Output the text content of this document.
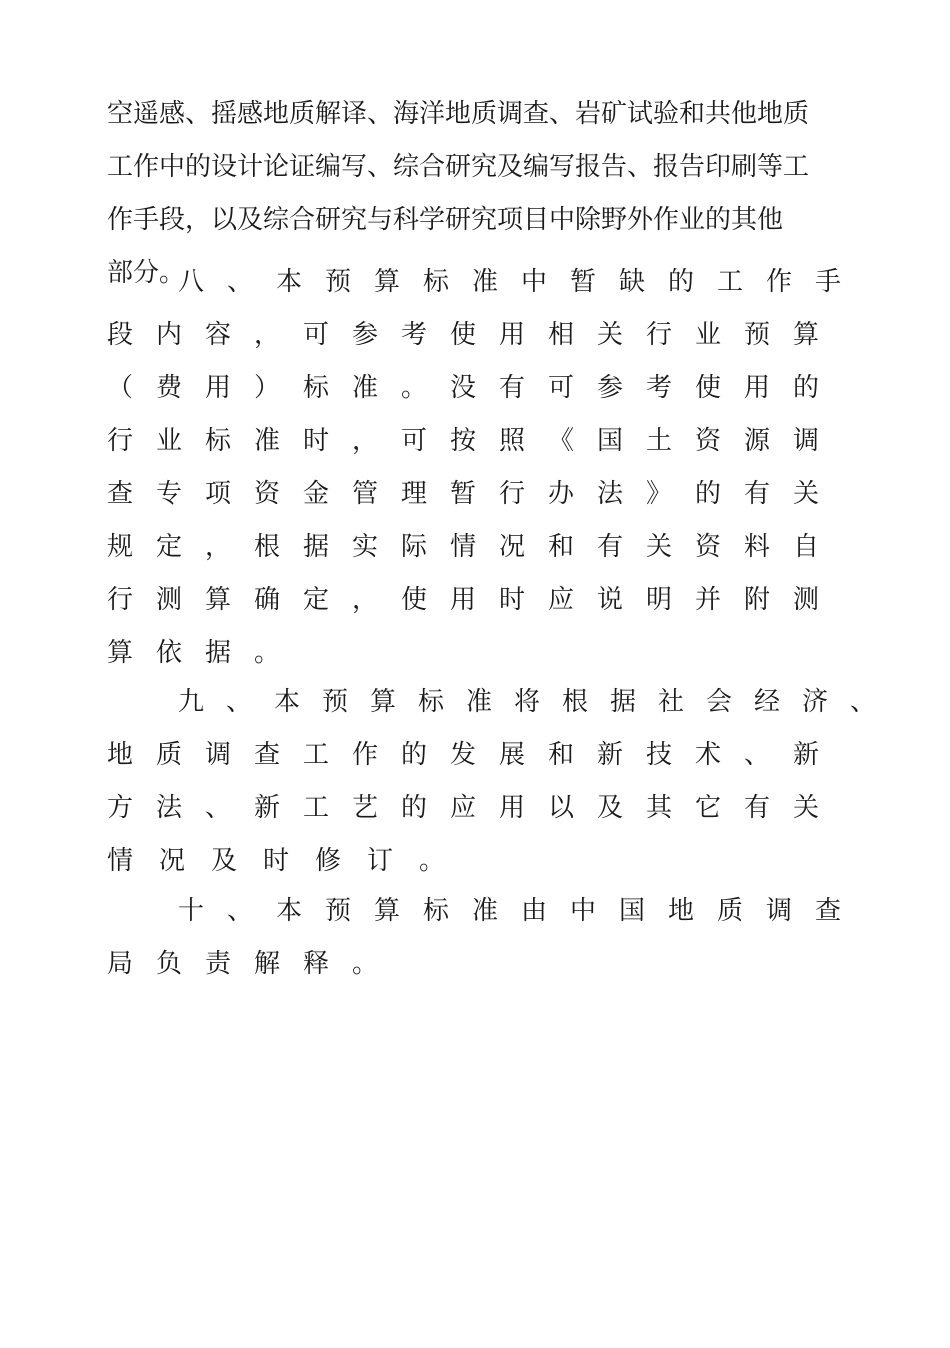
空遥感、摇感地质解译、海洋地质调查、岩矿试验和共他地质
工作中的设计论证编写、综合研究及编写报告、报告印刷等工
作手段，以及综合研究与科学研究项目中除野外作业的其他
部分。
八、本预算标准中暂缺的工作手
段内容，可参考使用相关行业预算
（费用）标准。没有可参考使用的
行业标准时，可按照《国土资源调
查专项资金管理暂行办法》的有关
规定，根据实际情况和有关资料自
行测算确定，使用时应说明并附测
算依据。
九、本预算标准将根据社会经济、
地质调查工作的发展和新技术、新
方法、新工艺的应用以及其它有关
情况及时修订。
十、本预算标准由中国地质调查
局负责解释。
